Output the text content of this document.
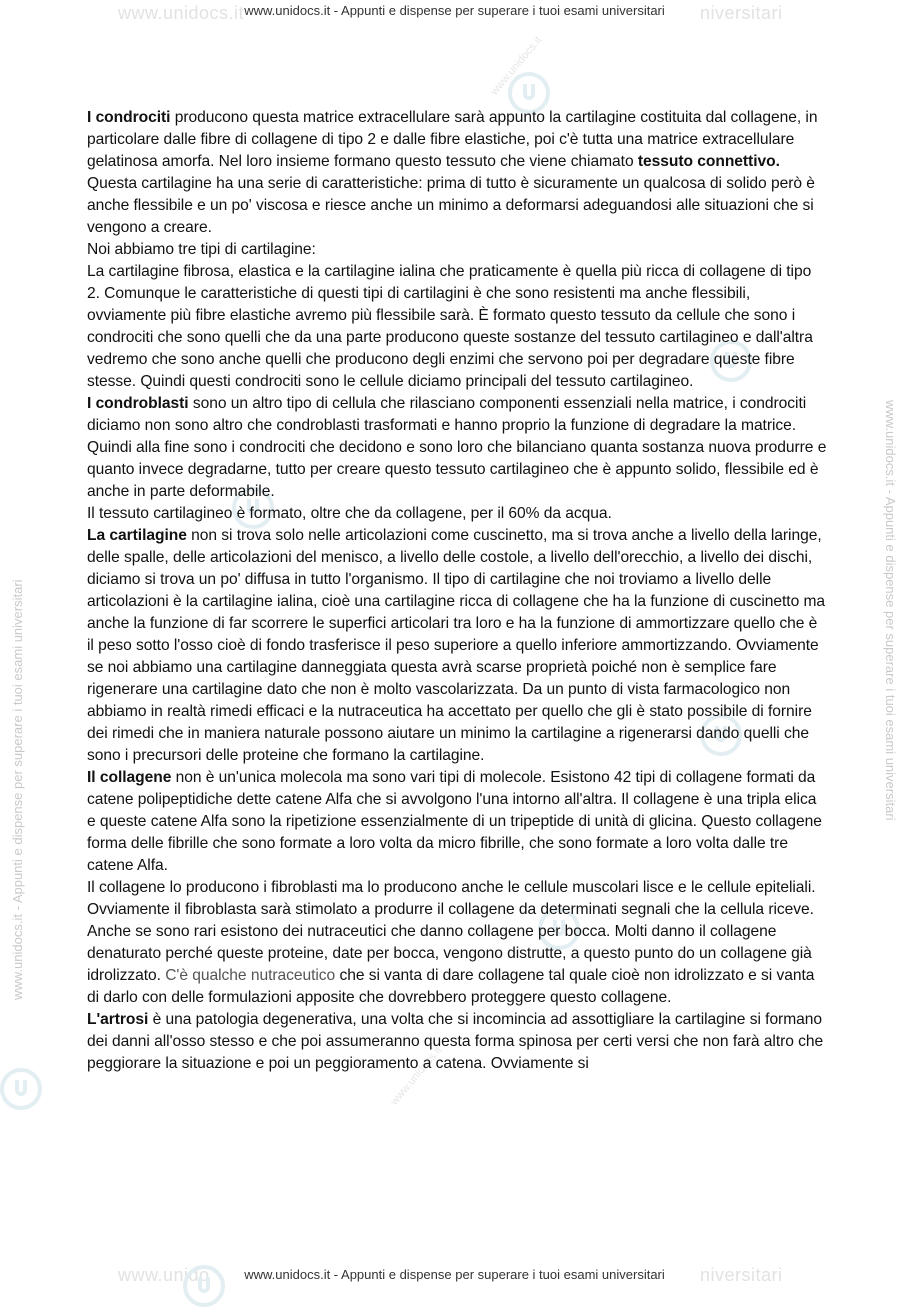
www.unidocs.it	niversitari
www.unido	niversitari
www.unidocs.it - Appunti e dispense per superare i tuoi esami universitari
www.unidocs.it - Appunti e dispense per superare i tuoi esami universitari
www.unidocs.it - Appunti e dispense per superare i tuoi esami universitari	www.unidocs.it - Appunti e dispense per superare i tuoi esami universitari
www.unidocs.it
www.unidocs.it

I condrociti producono questa matrice extracellulare sarà appunto la cartilagine costituita dal collagene, in particolare dalle fibre di collagene di tipo 2 e dalle fibre elastiche, poi c'è tutta una matrice extracellulare gelatinosa amorfa. Nel loro insieme formano questo tessuto che viene chiamato tessuto connettivo. Questa cartilagine ha una serie di caratteristiche: prima di tutto è sicuramente un qualcosa di solido però è anche flessibile e un po' viscosa e riesce anche un minimo a deformarsi adeguandosi alle situazioni che si vengono a creare.

Noi abbiamo tre tipi di cartilagine:

La cartilagine fibrosa, elastica e la cartilagine ialina che praticamente è quella più ricca di collagene di tipo 2. Comunque le caratteristiche di questi tipi di cartilagini è che sono resistenti ma anche flessibili, ovviamente più fibre elastiche avremo più flessibile sarà. È formato questo tessuto da cellule che sono i condrociti che sono quelli che da una parte producono queste sostanze del tessuto cartilagineo e dall'altra vedremo che sono anche quelli che producono degli enzimi che servono poi per degradare queste fibre stesse. Quindi questi condrociti sono le cellule diciamo principali del tessuto cartilagineo.

I condroblasti sono un altro tipo di cellula che rilasciano componenti essenziali nella matrice, i condrociti diciamo non sono altro che condroblasti trasformati e hanno proprio la funzione di degradare la matrice. Quindi alla fine sono i condrociti che decidono e sono loro che bilanciano quanta sostanza nuova produrre e quanto invece degradarne, tutto per creare questo tessuto cartilagineo che è appunto solido, flessibile ed è anche in parte deformabile.

Il tessuto cartilagineo è formato, oltre che da collagene, per il 60% da acqua.

La cartilagine non si trova solo nelle articolazioni come cuscinetto, ma si trova anche a livello della laringe, delle spalle, delle articolazioni del menisco, a livello delle costole, a livello dell'orecchio, a livello dei dischi, diciamo si trova un po' diffusa in tutto l'organismo. Il tipo di cartilagine che noi troviamo a livello delle articolazioni è la cartilagine ialina, cioè una cartilagine ricca di collagene che ha la funzione di cuscinetto ma anche la funzione di far scorrere le superfici articolari tra loro e ha la funzione di ammortizzare quello che è il peso sotto l'osso cioè di fondo trasferisce il peso superiore a quello inferiore ammortizzando. Ovviamente se noi abbiamo una cartilagine danneggiata questa avrà scarse proprietà poiché non è semplice fare rigenerare una cartilagine dato che non è molto vascolarizzata. Da un punto di vista farmacologico non abbiamo in realtà rimedi efficaci e la nutraceutica ha accettato per quello che gli è stato possibile di fornire dei rimedi che in maniera naturale possono aiutare un minimo la cartilagine a rigenerarsi dando quelli che sono i precursori delle proteine che formano la cartilagine.

Il collagene non è un'unica molecola ma sono vari tipi di molecole. Esistono 42 tipi di collagene formati da catene polipeptidiche dette catene Alfa che si avvolgono l'una intorno all'altra. Il collagene è una tripla elica e queste catene Alfa sono la ripetizione essenzialmente di un tripeptide di unità di glicina. Questo collagene forma delle fibrille che sono formate a loro volta da micro fibrille, che sono formate a loro volta dalle tre catene Alfa.

Il collagene lo producono i fibroblasti ma lo producono anche le cellule muscolari lisce e le cellule epiteliali. Ovviamente il fibroblasta sarà stimolato a produrre il collagene da determinati segnali che la cellula riceve.

Anche se sono rari esistono dei nutraceutici che danno collagene per bocca. Molti danno il collagene denaturato perché queste proteine, date per bocca, vengono distrutte, a questo punto do un collagene già idrolizzato. C'è qualche nutraceutico che si vanta di dare collagene tal quale cioè non idrolizzato e si vanta di darlo con delle formulazioni apposite che dovrebbero proteggere questo collagene.

L'artrosi è una patologia degenerativa, una volta che si incomincia ad assottigliare la cartilagine si formano dei danni all'osso stesso e che poi assumeranno questa forma spinosa per certi versi che non farà altro che peggiorare la situazione e poi un peggioramento a catena. Ovviamente si
